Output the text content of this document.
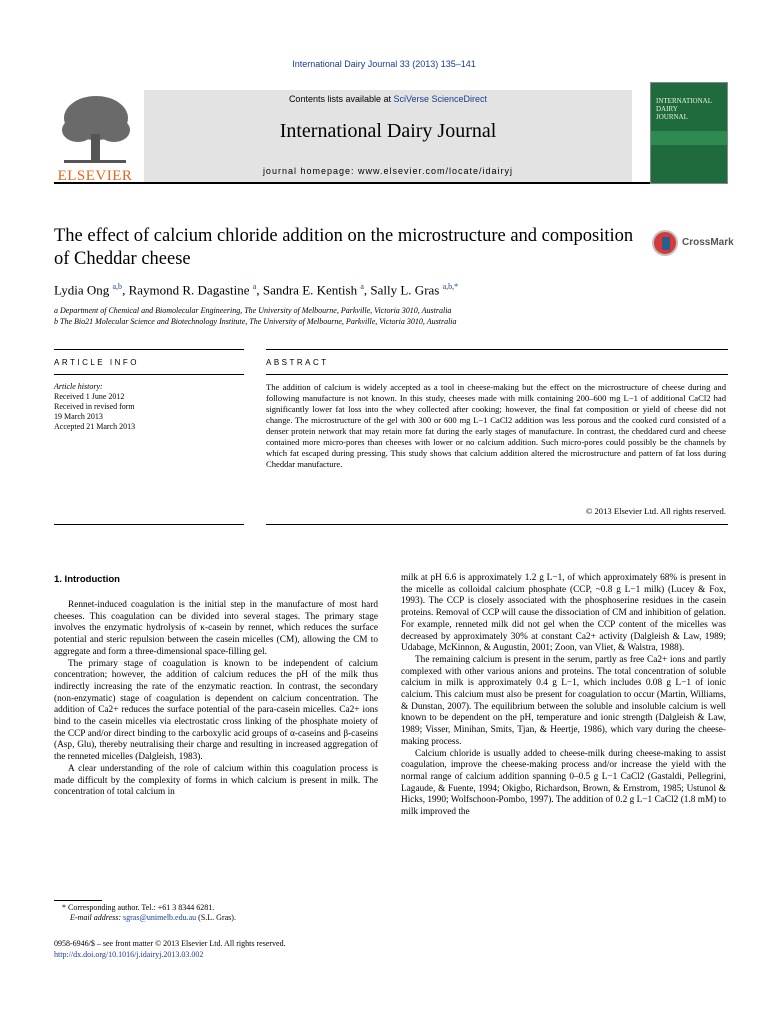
International Dairy Journal 33 (2013) 135–141
ELSEVIER
Contents lists available at SciVerse ScienceDirect
International Dairy Journal
journal homepage: www.elsevier.com/locate/idairyj
INTERNATIONAL
DAIRY
JOURNAL
The effect of calcium chloride addition on the microstructure and composition of Cheddar cheese
CrossMark
Lydia Ong $^{a,b}$, Raymond R. Dagastine $^a$, Sandra E. Kentish $^a$, Sally L. Gras $^{a,b,*}$
a Department of Chemical and Biomolecular Engineering, The University of Melbourne, Parkville, Victoria 3010, Australia
b The Bio21 Molecular Science and Biotechnology Institute, The University of Melbourne, Parkville, Victoria 3010, Australia
ARTICLE INFO	ABSTRACT
Article history:
Received 1 June 2012
Received in revised form
19 March 2013
Accepted 21 March 2013
The addition of calcium is widely accepted as a tool in cheese-making but the effect on the microstructure of cheese during and following manufacture is not known. In this study, cheeses made with milk containing 200–600 mg L−1 of additional CaCl2 had significantly lower fat loss into the whey collected after cooking; however, the final fat composition or yield of cheese did not change. The microstructure of the gel with 300 or 600 mg L−1 CaCl2 addition was less porous and the cooked curd consisted of a denser protein network that may retain more fat during the early stages of manufacture. In contrast, the cheddared curd and cheese contained more micro-pores than cheeses with lower or no calcium addition. Such micro-pores could possibly be the channels by which fat escaped during pressing. This study shows that calcium addition altered the microstructure and pattern of fat loss during Cheddar manufacture.
© 2013 Elsevier Ltd. All rights reserved.
1. Introduction

Rennet-induced coagulation is the initial step in the manufacture of most hard cheeses. This coagulation can be divided into several stages. The primary stage involves the enzymatic hydrolysis of κ-casein by rennet, which reduces the surface potential and steric repulsion between the casein micelles (CM), allowing the CM to aggregate and form a three-dimensional space-filling gel.

The primary stage of coagulation is known to be independent of calcium concentration; however, the addition of calcium reduces the pH of the milk thus indirectly increasing the rate of the enzymatic reaction. In contrast, the secondary (non-enzymatic) stage of coagulation is dependent on calcium concentration. The addition of Ca2+ reduces the surface potential of the para-casein micelles. Ca2+ ions bind to the casein micelles via electrostatic cross linking of the phosphate moiety of the CCP and/or direct binding to the carboxylic acid groups of α-caseins and β-caseins (Asp, Glu), thereby neutralising their charge and resulting in increased aggregation of the renneted micelles (Dalgleish, 1983).

A clear understanding of the role of calcium within this coagulation process is made difficult by the complexity of forms in which calcium is present in milk. The concentration of total calcium in

milk at pH 6.6 is approximately 1.2 g L−1, of which approximately 68% is present in the micelle as colloidal calcium phosphate (CCP, ~0.8 g L−1 milk) (Lucey & Fox, 1993). The CCP is closely associated with the phosphoserine residues in the casein proteins. Removal of CCP will cause the dissociation of CM and inhibition of gelation. For example, renneted milk did not gel when the CCP content of the micelles was decreased by approximately 30% at constant Ca2+ activity (Dalgleish & Law, 1989; Udabage, McKinnon, & Augustin, 2001; Zoon, van Vliet, & Walstra, 1988).

The remaining calcium is present in the serum, partly as free Ca2+ ions and partly complexed with other various anions and proteins. The total concentration of soluble calcium in milk is approximately 0.4 g L−1, which includes 0.08 g L−1 of ionic calcium. This calcium must also be present for coagulation to occur (Martin, Williams, & Dunstan, 2007). The equilibrium between the soluble and insoluble calcium is well known to be dependent on the pH, temperature and ionic strength (Dalgleish & Law, 1989; Visser, Minihan, Smits, Tjan, & Heertje, 1986), which vary during the cheese-making process.

Calcium chloride is usually added to cheese-milk during cheese-making to assist coagulation, improve the cheese-making process and/or increase the yield with the normal range of calcium addition spanning 0–0.5 g L−1 CaCl2 (Gastaldi, Pellegrini, Lagaude, & Fuente, 1994; Okigbo, Richardson, Brown, & Ernstrom, 1985; Ustunol & Hicks, 1990; Wolfschoon-Pombo, 1997). The addition of 0.2 g L−1 CaCl2 (1.8 mM) to milk improved the

* Corresponding author. Tel.: +61 3 8344 6281.
E-mail address: sgras@unimelb.edu.au (S.L. Gras).
0958-6946/$ – see front matter © 2013 Elsevier Ltd. All rights reserved.
http://dx.doi.org/10.1016/j.idairyj.2013.03.002
